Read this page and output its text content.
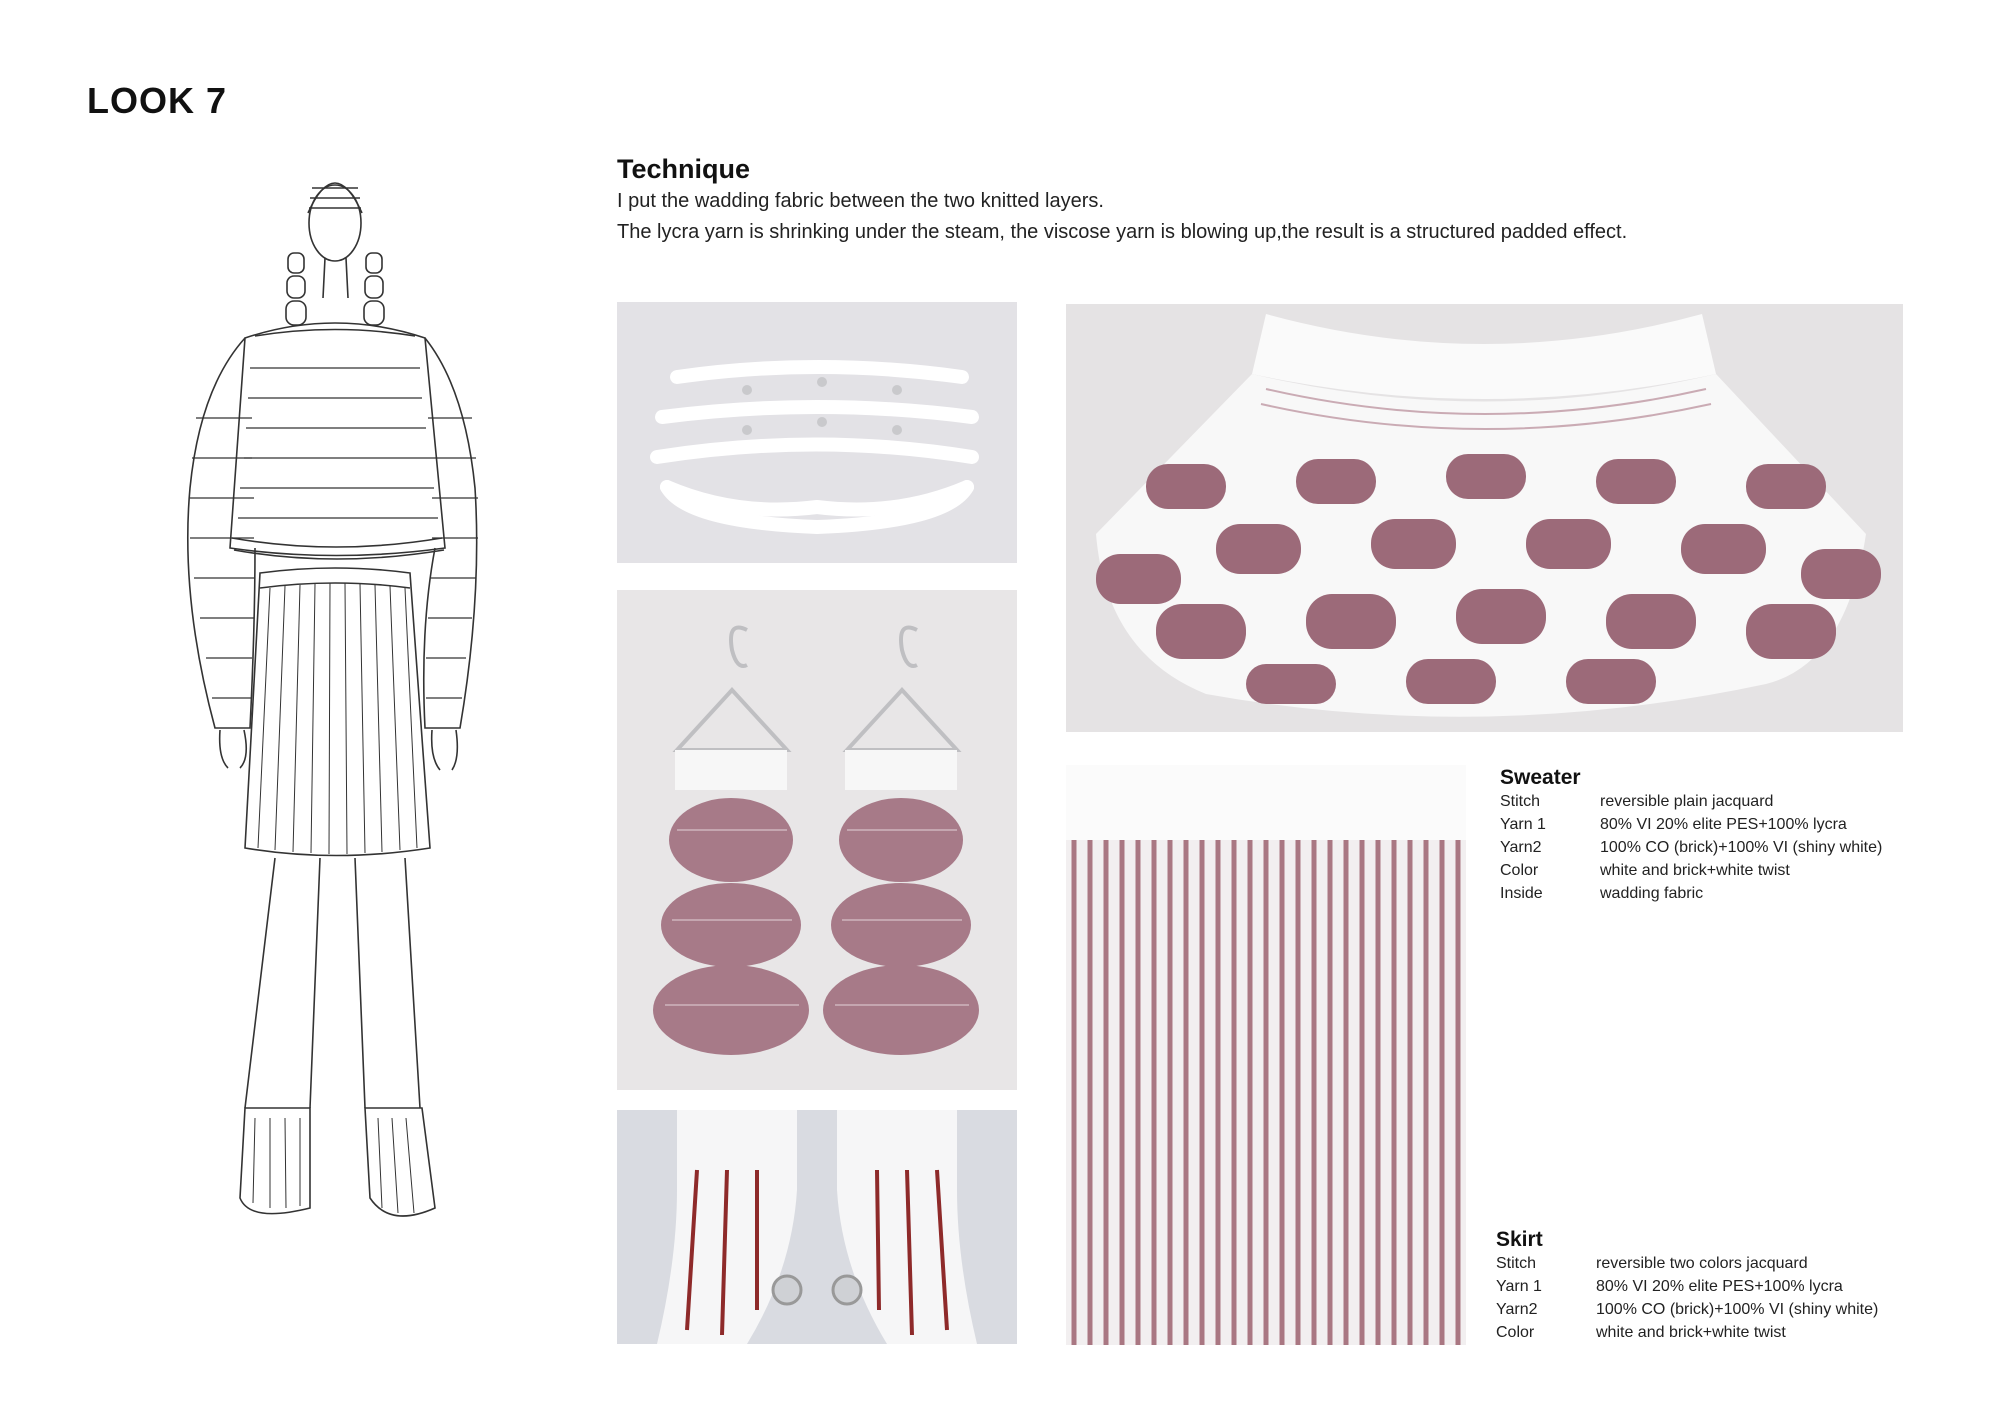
LOOK 7
Technique
I put the wadding fabric between the two knitted layers.
The lycra yarn is shrinking under the steam, the viscose yarn is blowing up,the result is a structured padded effect.
Sweater
Stitch	reversible plain jacquard
Yarn 1	80% VI 20% elite PES+100% lycra
Yarn2	100% CO (brick)+100% VI (shiny white)
Color	white and brick+white twist
Inside	wadding fabric
Skirt
Stitch	reversible two colors jacquard
Yarn 1	80% VI 20% elite PES+100% lycra
Yarn2	100% CO (brick)+100% VI (shiny white)
Color	white and brick+white twist
